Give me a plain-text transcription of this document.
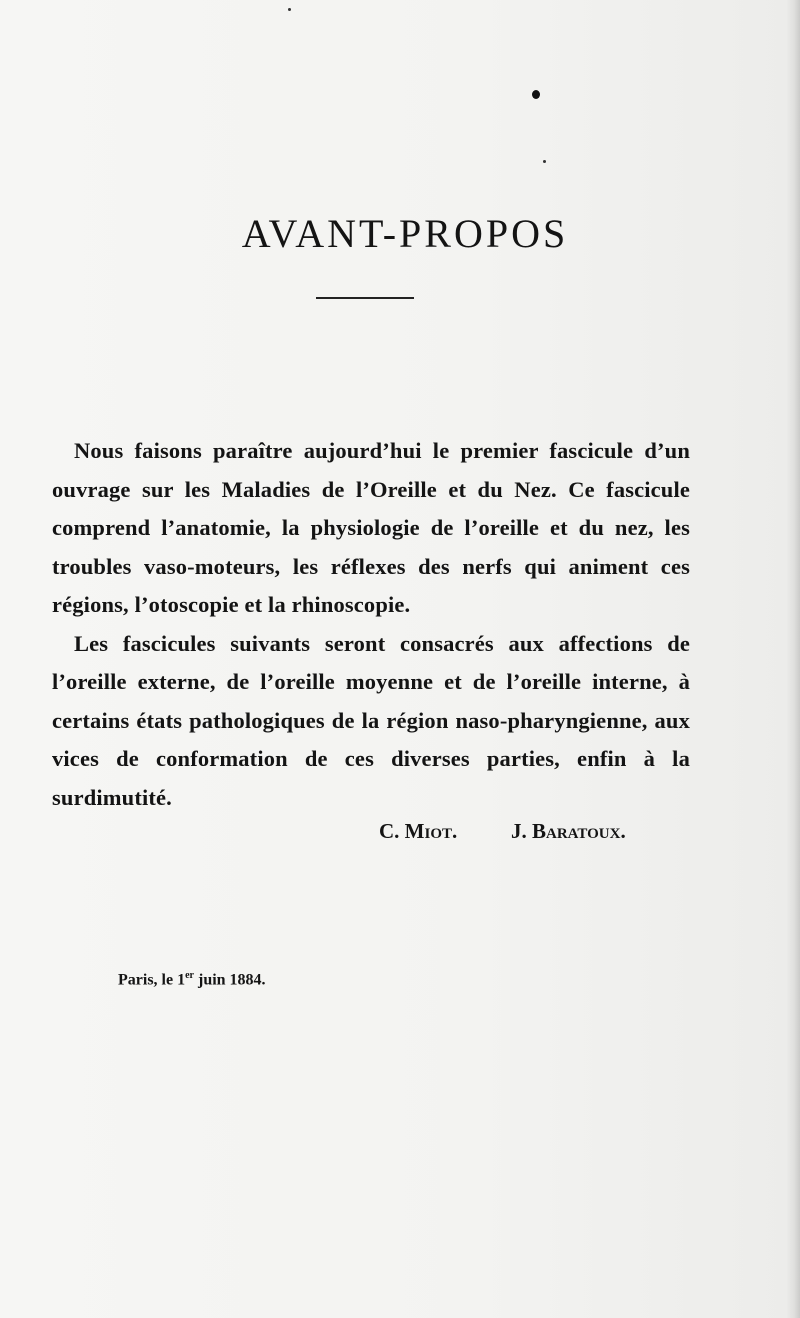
AVANT-PROPOS

Nous faisons paraître aujourd’hui le premier fascicule d’un ouvrage sur les Maladies de l’Oreille et du Nez. Ce fascicule comprend l’anatomie, la physiologie de l’oreille et du nez, les troubles vaso-moteurs, les réflexes des nerfs qui animent ces régions, l’otoscopie et la rhinoscopie.

Les fascicules suivants seront consacrés aux affections de l’oreille externe, de l’oreille moyenne et de l’oreille interne, à certains états pathologiques de la région naso-pharyngienne, aux vices de conformation de ces diverses parties, enfin à la surdimutité.

C. Miot.	J. Baratoux.
Paris, le 1er juin 1884.
